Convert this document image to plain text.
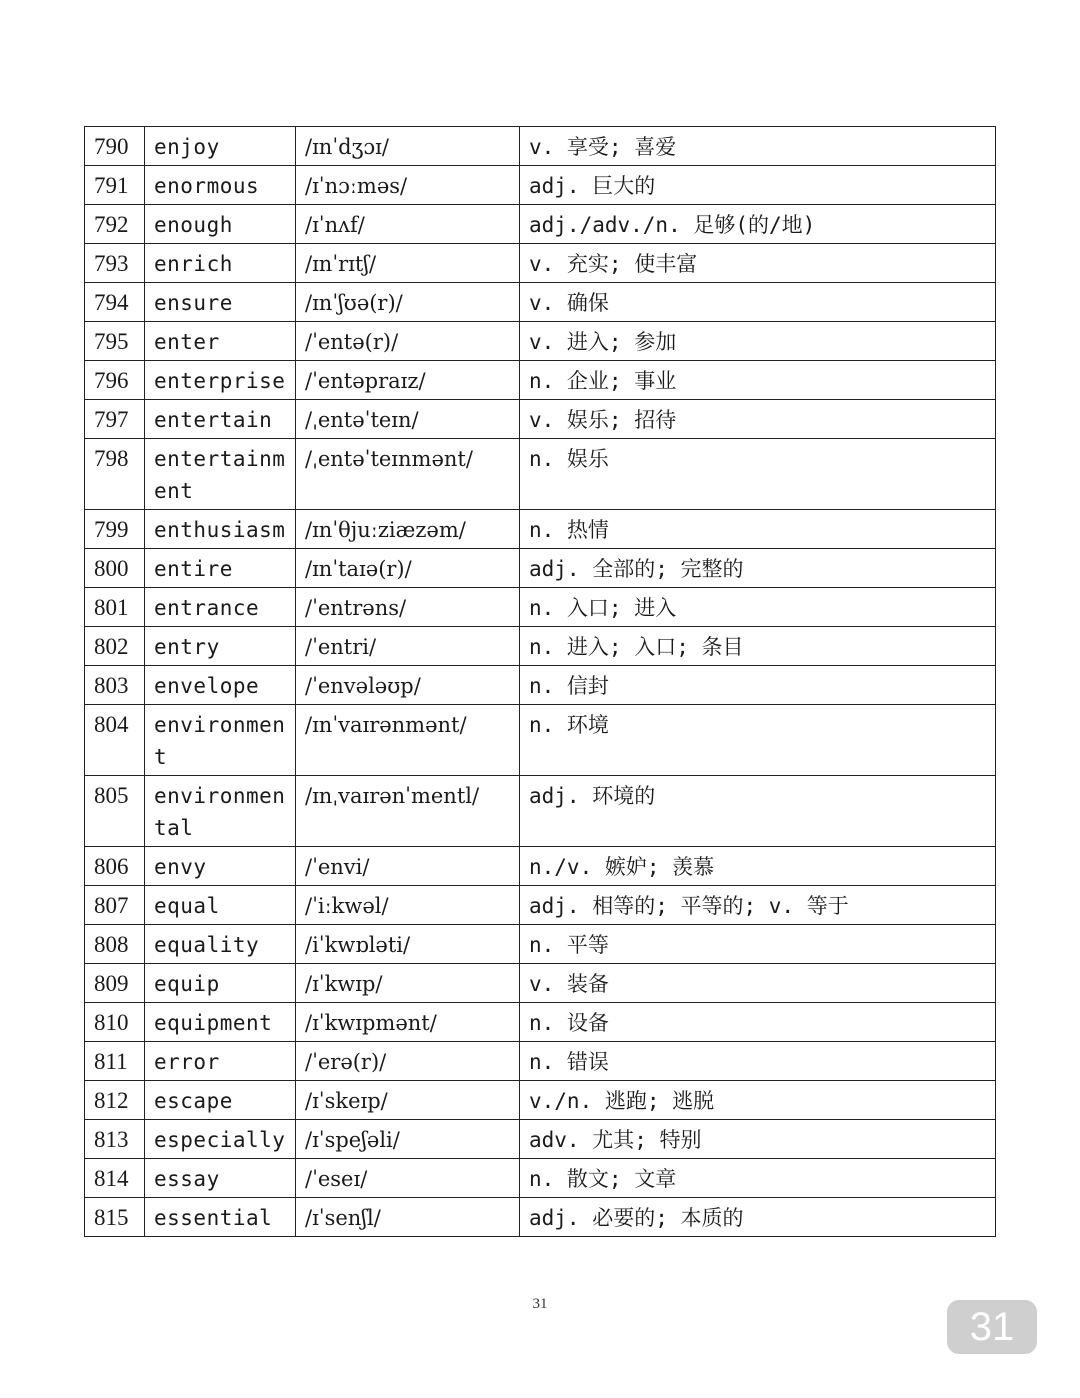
790	enjoy	/ɪnˈdʒɔɪ/	v. 享受; 喜爱
791	enormous	/ɪˈnɔːməs/	adj. 巨大的
792	enough	/ɪˈnʌf/	adj./adv./n. 足够(的/地)
793	enrich	/ɪnˈrɪtʃ/	v. 充实; 使丰富
794	ensure	/ɪnˈʃʊə(r)/	v. 确保
795	enter	/ˈentə(r)/	v. 进入; 参加
796	enterprise	/ˈentəpraɪz/	n. 企业; 事业
797	entertain	/ˌentəˈteɪn/	v. 娱乐; 招待
798	entertainment	/ˌentəˈteɪnmənt/	n. 娱乐
799	enthusiasm	/ɪnˈθjuːziæzəm/	n. 热情
800	entire	/ɪnˈtaɪə(r)/	adj. 全部的; 完整的
801	entrance	/ˈentrəns/	n. 入口; 进入
802	entry	/ˈentri/	n. 进入; 入口; 条目
803	envelope	/ˈenvələʊp/	n. 信封
804	environment	/ɪnˈvaɪrənmənt/	n. 环境
805	environmental	/ɪnˌvaɪrənˈmentl/	adj. 环境的
806	envy	/ˈenvi/	n./v. 嫉妒; 羡慕
807	equal	/ˈiːkwəl/	adj. 相等的; 平等的; v. 等于
808	equality	/iˈkwɒləti/	n. 平等
809	equip	/ɪˈkwɪp/	v. 装备
810	equipment	/ɪˈkwɪpmənt/	n. 设备
811	error	/ˈerə(r)/	n. 错误
812	escape	/ɪˈskeɪp/	v./n. 逃跑; 逃脱
813	especially	/ɪˈspeʃəli/	adv. 尤其; 特别
814	essay	/ˈeseɪ/	n. 散文; 文章
815	essential	/ɪˈsenʃl/	adj. 必要的; 本质的
31
31
